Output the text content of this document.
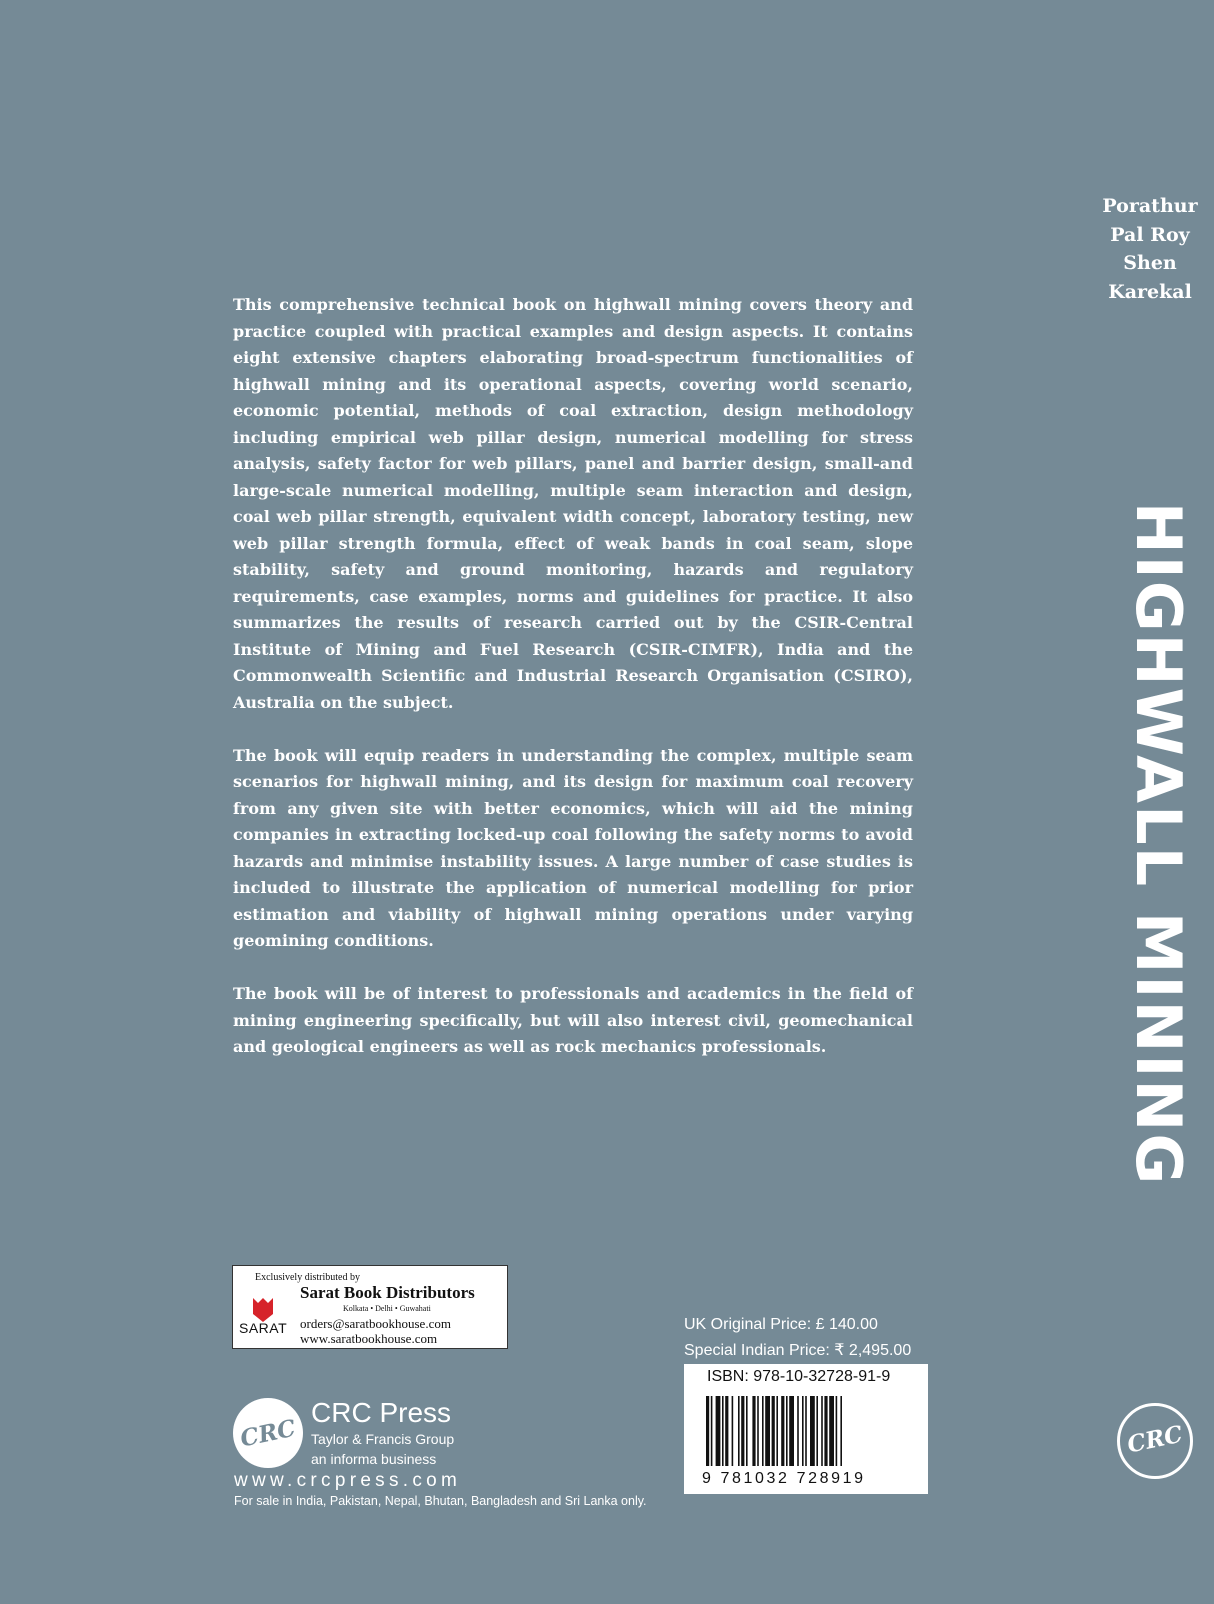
Porathur
Pal Roy
Shen
Karekal
HIGHWALL MINING

This comprehensive technical book on highwall mining covers theory and practice coupled with practical examples and design aspects. It contains eight extensive chapters elaborating broad-spectrum functionalities of highwall mining and its operational aspects, covering world scenario, economic potential, methods of coal extraction, design methodology including empirical web pillar design, numerical modelling for stress analysis, safety factor for web pillars, panel and barrier design, small-and large-scale numerical modelling, multiple seam interaction and design, coal web pillar strength, equivalent width concept, laboratory testing, new web pillar strength formula, effect of weak bands in coal seam, slope stability, safety and ground monitoring, hazards and regulatory requirements, case examples, norms and guidelines for practice. It also summarizes the results of research carried out by the CSIR-Central Institute of Mining and Fuel Research (CSIR-CIMFR), India and the Commonwealth Scientific and Industrial Research Organisation (CSIRO), Australia on the subject.

The book will equip readers in understanding the complex, multiple seam scenarios for highwall mining, and its design for maximum coal recovery from any given site with better economics, which will aid the mining companies in extracting locked-up coal following the safety norms to avoid hazards and minimise instability issues. A large number of case studies is included to illustrate the application of numerical modelling for prior estimation and viability of highwall mining operations under varying geomining conditions.

The book will be of interest to professionals and academics in the field of mining engineering specifically, but will also interest civil, geomechanical and geological engineers as well as rock mechanics professionals.

Exclusively distributed by
Sarat Book Distributors
Kolkata • Delhi • Guwahati
SARAT orders@saratbookhouse.com
www.saratbookhouse.com
CRC
CRC Press
Taylor & Francis Group
an informa business
www.crcpress.com
For sale in India, Pakistan, Nepal, Bhutan, Bangladesh and Sri Lanka only.
UK Original Price: £ 140.00
Special Indian Price: ₹ 2,495.00
ISBN: 978-10-32728-91-9
9 781032 728919
CRC
